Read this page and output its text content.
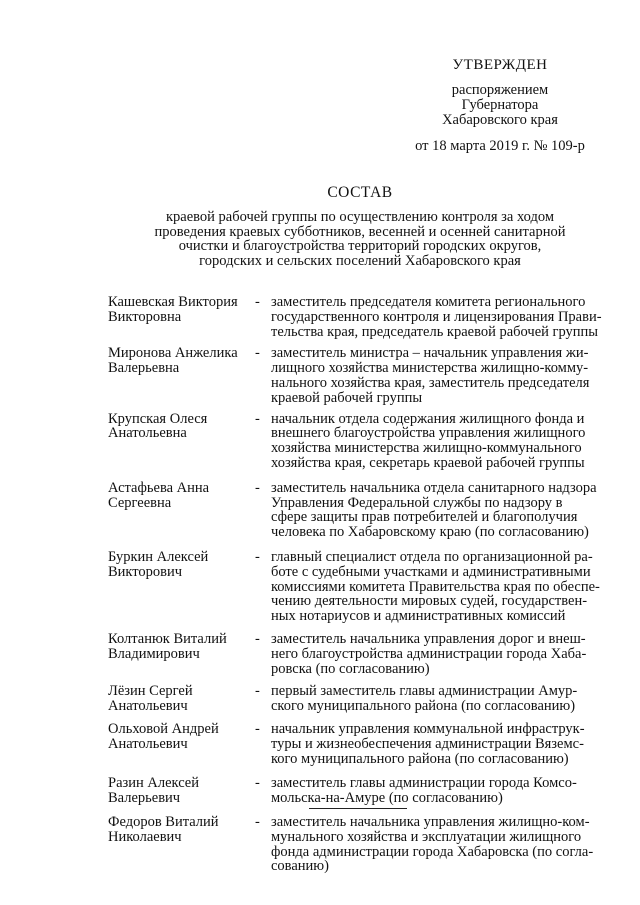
УТВЕРЖДЕН
распоряжением
Губернатора
Хабаровского края
от 18 марта 2019 г. № 109-р
СОСТАВ
краевой рабочей группы по осуществлению контроля за ходом
проведения краевых субботников, весенней и осенней санитарной
очистки и благоустройства территорий городских округов,
городских и сельских поселений Хабаровского края
Кашевская Виктория
Викторовна
- заместитель председателя комитета регионального
государственного контроля и лицензирования Прави-
тельства края, председатель краевой рабочей группы
Миронова Анжелика
Валерьевна
- заместитель министра – начальник управления жи-
лищного хозяйства министерства жилищно-комму-
нального хозяйства края, заместитель председателя
краевой рабочей группы
Крупская Олеся
Анатольевна
- начальник отдела содержания жилищного фонда и
внешнего благоустройства управления жилищного
хозяйства министерства жилищно-коммунального
хозяйства края, секретарь краевой рабочей группы
Астафьева Анна
Сергеевна
- заместитель начальника отдела санитарного надзора
Управления Федеральной службы по надзору в
сфере защиты прав потребителей и благополучия
человека по Хабаровскому краю (по согласованию)
Буркин Алексей
Викторович
- главный специалист отдела по организационной ра-
боте с судебными участками и административными
комиссиями комитета Правительства края по обеспе-
чению деятельности мировых судей, государствен-
ных нотариусов и административных комиссий
Колтанюк Виталий
Владимирович
- заместитель начальника управления дорог и внеш-
него благоустройства администрации города Хаба-
ровска (по согласованию)
Лёзин Сергей
Анатольевич
- первый заместитель главы администрации Амур-
ского муниципального района (по согласованию)
Ольховой Андрей
Анатольевич
- начальник управления коммунальной инфраструк-
туры и жизнеобеспечения администрации Вяземс-
кого муниципального района (по согласованию)
Разин Алексей
Валерьевич
- заместитель главы администрации города Комсо-
мольска-на-Амуре (по согласованию)
Федоров Виталий
Николаевич
- заместитель начальника управления жилищно-ком-
мунального хозяйства и эксплуатации жилищного
фонда администрации города Хабаровска (по согла-
сованию)
